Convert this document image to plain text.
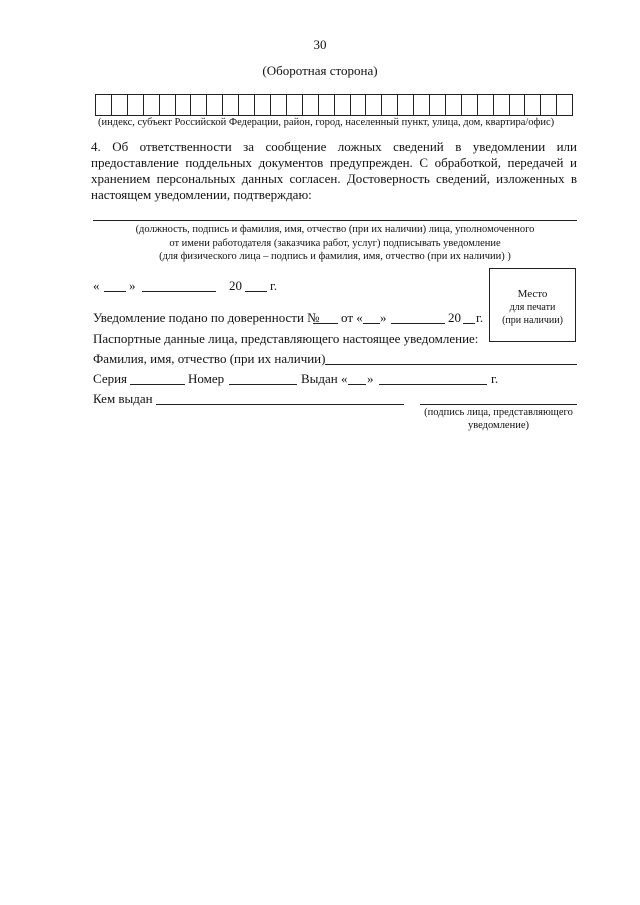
30
(Оборотная сторона)
(индекс, субъект Российской Федерации, район, город, населенный пункт, улица, дом, квартира/офис)
4. Об ответственности за сообщение ложных сведений в уведомлении или предоставление поддельных документов предупрежден. С обработкой, передачей и хранением персональных данных согласен. Достоверность сведений, изложенных в настоящем уведомлении, подтверждаю:
(должность, подпись и фамилия, имя, отчество (при их наличии) лица, уполномоченного
от имени работодателя (заказчика работ, услуг) подписывать уведомление
(для физического лица – подпись и фамилия, имя, отчество (при их наличии) )
« »	20 г.
Место
для печати
(при наличии)
Уведомление подано по доверенности № от « »	20 г.
Паспортные данные лица, представляющего настоящее уведомление:
Фамилия, имя, отчество (при их наличии)
Серия	Номер	Выдан « »	г.
Кем выдан
(подпись лица, представляющего
уведомление)
